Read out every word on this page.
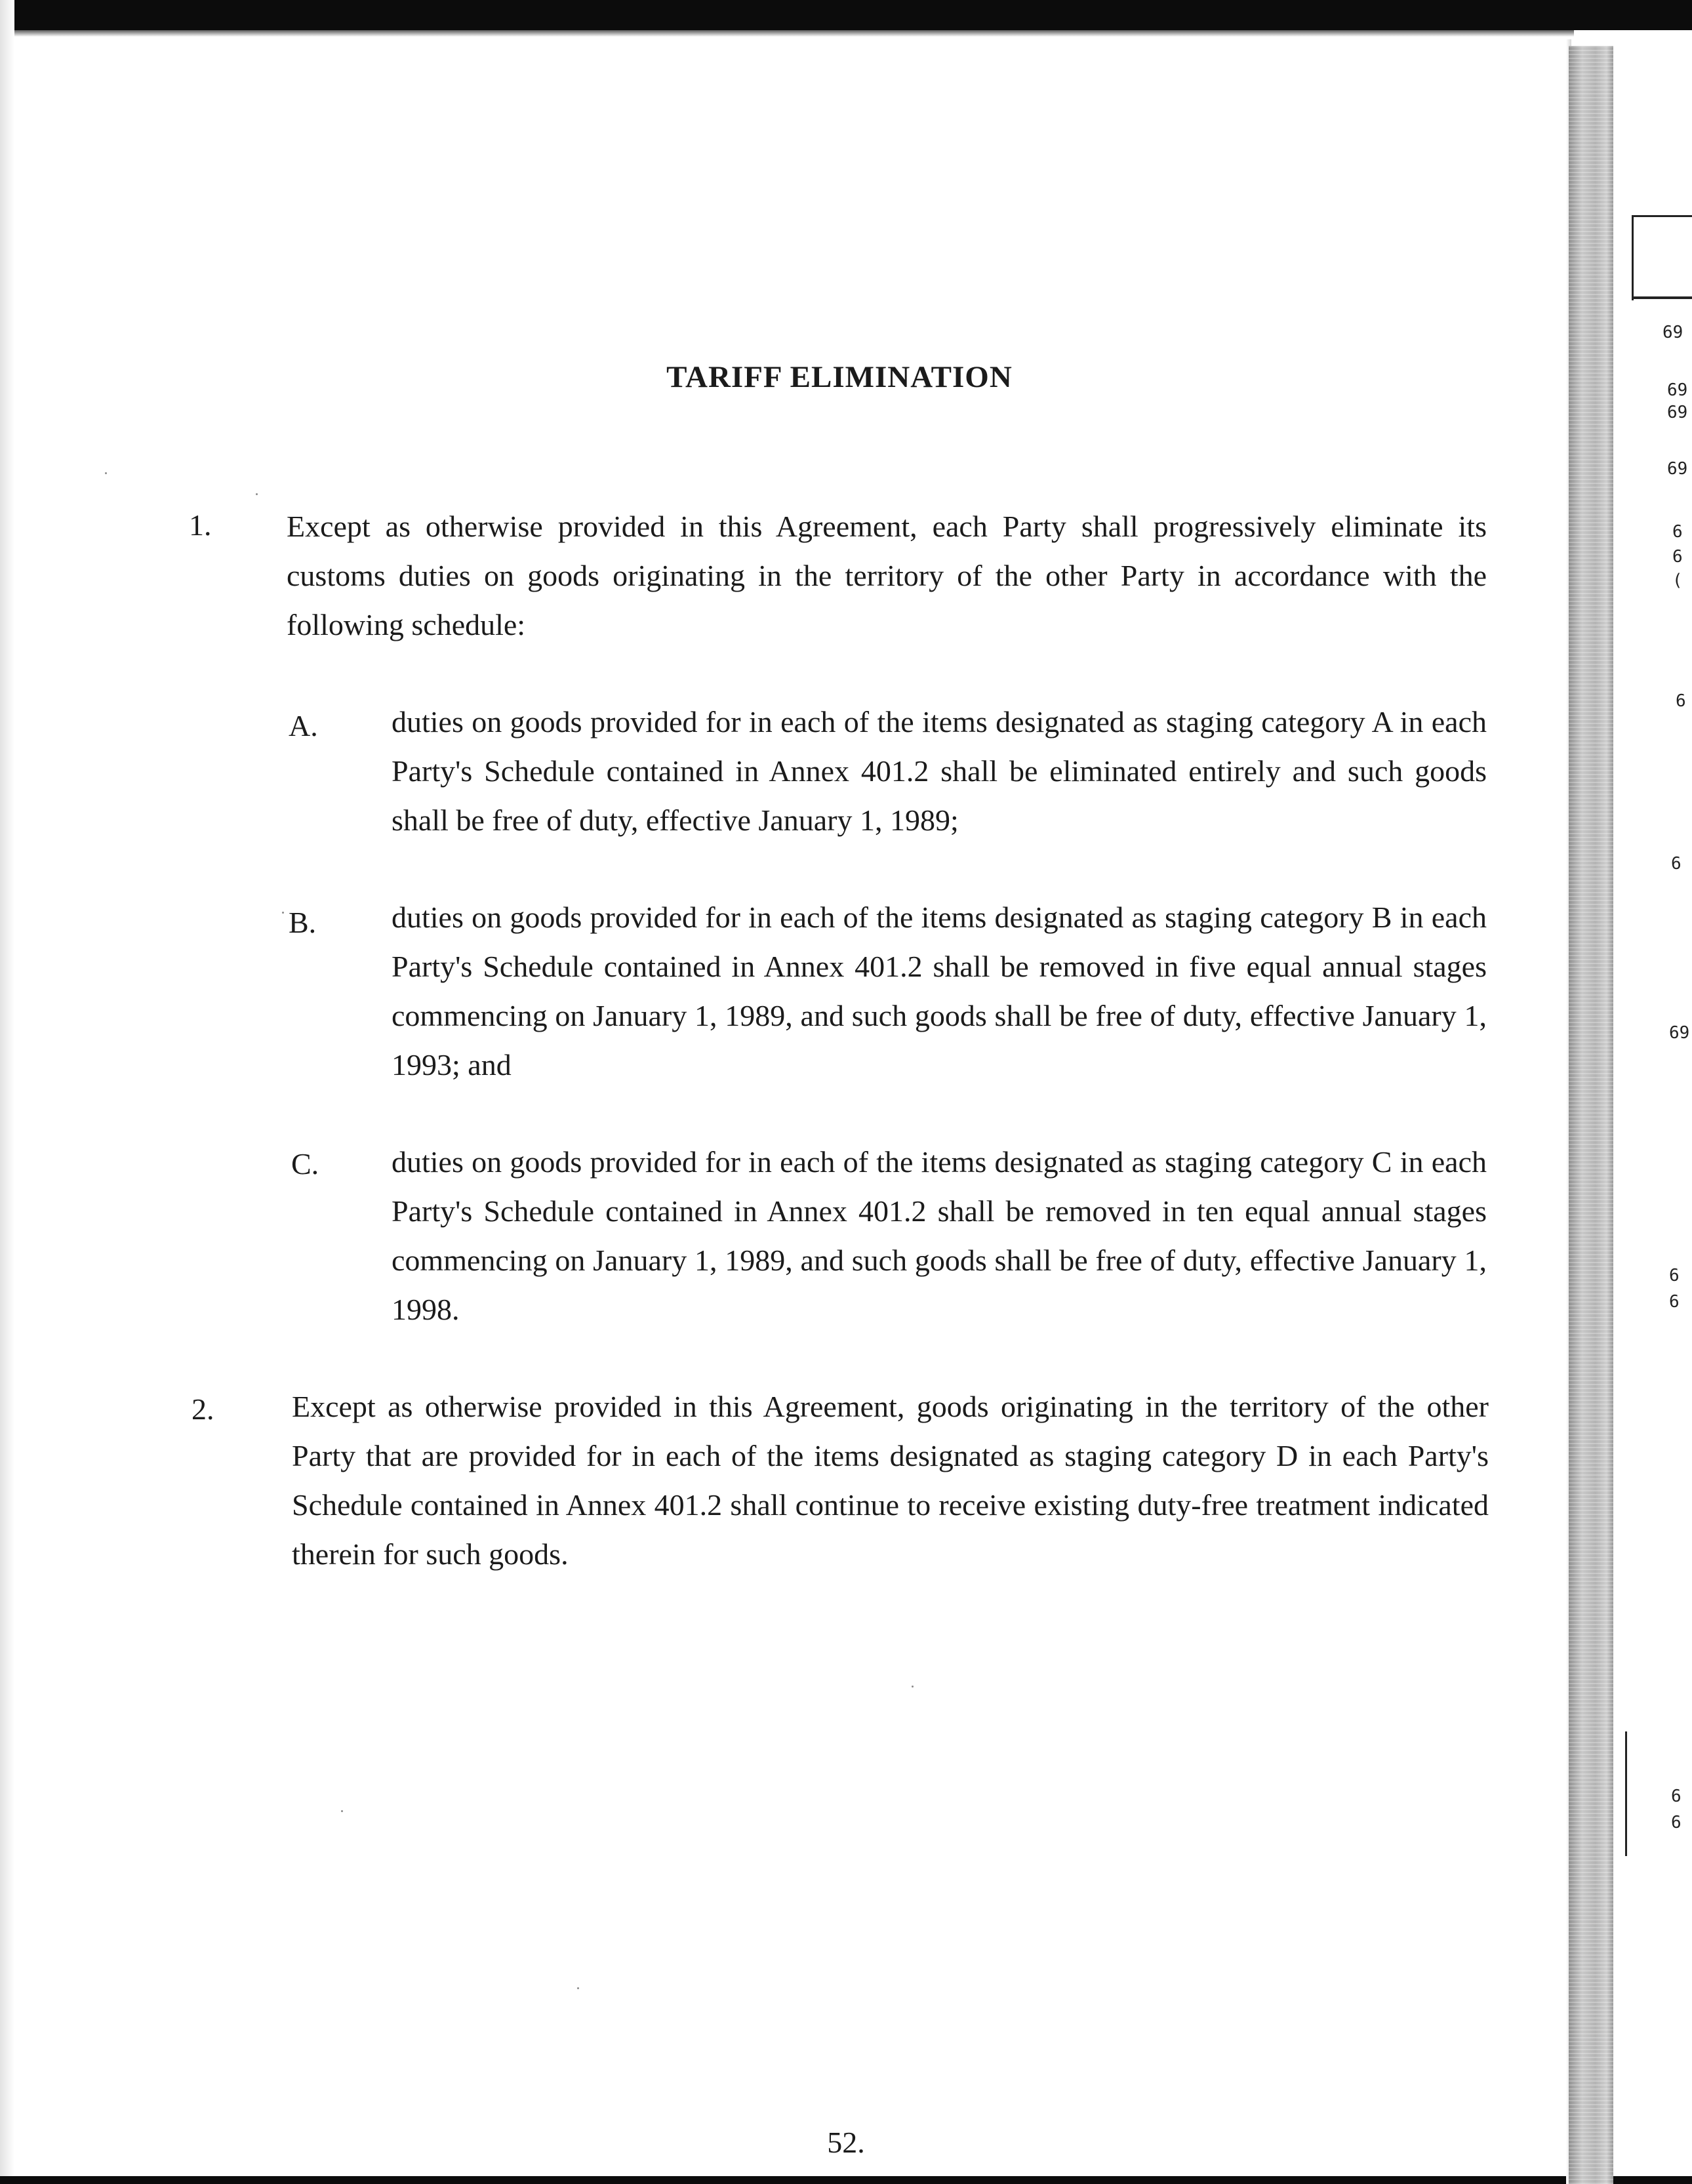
69
69
69
69
6
6
(
6
6
69
6
6
6
6
TARIFF ELIMINATION
1. Except as otherwise provided in this Agreement, each Party shall progressively eliminate its customs duties on goods originating in the territory of the other Party in accordance with the following schedule:
A. duties on goods provided for in each of the items designated as staging category A in each Party's Schedule contained in Annex 401.2 shall be eliminated entirely and such goods shall be free of duty, effective January 1, 1989;
B. duties on goods provided for in each of the items designated as staging category B in each Party's Schedule contained in Annex 401.2 shall be removed in five equal annual stages commencing on January 1, 1989, and such goods shall be free of duty, effective January 1, 1993; and
C. duties on goods provided for in each of the items designated as staging category C in each Party's Schedule contained in Annex 401.2 shall be removed in ten equal annual stages commencing on January 1, 1989, and such goods shall be free of duty, effective January 1, 1998.
2.	Except as otherwise provided in this Agreement, goods originating in the territory of the other Party that are provided for in each of the items designated as staging category D in each Party's Schedule contained in Annex 401.2 shall continue to receive existing duty-free treatment indicated therein for such goods.
52.
